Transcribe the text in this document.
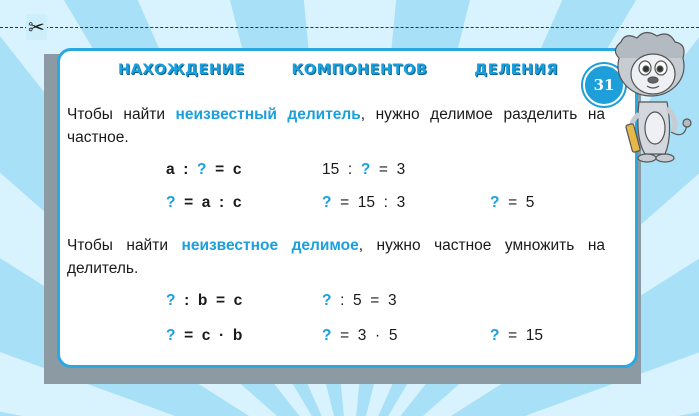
✂
НАХОЖДЕНИЕ	КОМПОНЕНТОВ	ДЕЛЕНИЯ
31
Чтобы найти неизвестный делитель, нужно делимое разделить на частное.
a : ? = c	15 : ? = 3
? = a : c	? = 15 : 3	? = 5
Чтобы найти неизвестное делимое, нужно частное умножить на делитель.
? : b = c	? : 5 = 3
? = c · b	? = 3 · 5	? = 15
